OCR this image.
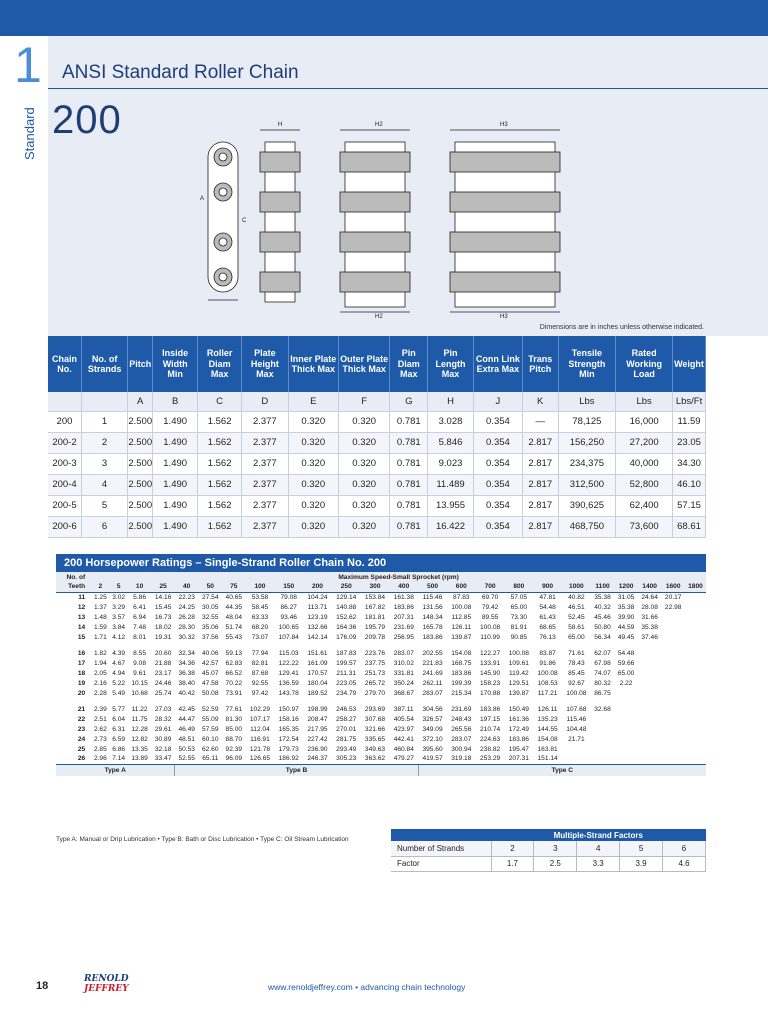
1
Standard
ANSI Standard Roller Chain
200	H	H2	H3
A
C
H3
H2
Dimensions are in inches unless otherwise indicated.
Chain No.	No. of Strands	Pitch	Inside Width Min	Roller Diam Max	Plate Height Max	Inner Plate Thick Max	Outer Plate Thick Max	Pin Diam Max	Pin Length Max	Conn Link Extra Max	Trans Pitch	Tensile Strength Min	Rated Working Load	Weight
		A	B	C	D	E	F	G	H	J	K	Lbs	Lbs	Lbs/Ft
200	1	2.500	1.490	1.562	2.377	0.320	0.320	0.781	3.028	0.354	—	78,125	16,000	11.59
200-2	2	2.500	1.490	1.562	2.377	0.320	0.320	0.781	5.846	0.354	2.817	156,250	27,200	23.05
200-3	3	2.500	1.490	1.562	2.377	0.320	0.320	0.781	9.023	0.354	2.817	234,375	40,000	34.30
200-4	4	2.500	1.490	1.562	2.377	0.320	0.320	0.781	11.489	0.354	2.817	312,500	52,800	46.10
200-5	5	2.500	1.490	1.562	2.377	0.320	0.320	0.781	13.955	0.354	2.817	390,625	62,400	57.15
200-6	6	2.500	1.490	1.562	2.377	0.320	0.320	0.781	16.422	0.354	2.817	468,750	73,600	68.61
200 Horsepower Ratings – Single-Strand Roller Chain No. 200
No. of	Maximum Speed-Small Sprocket (rpm)																							
Teeth	2	5	10	25	40	50	75	100	150	200	250	300	400	500	600	700	800	900	1000	1100	1200	1400	1600	1800
11	1.25	3.02	5.86	14.16	22.23	27.54	40.65	53.58	79.08	104.24	129.14	153.84	161.38	115.46	87.83	69.70	57.05	47.81	40.82	35.38	31.05	24.64	20.17	
12	1.37	3.29	6.41	15.45	24.25	30.05	44.35	58.45	86.27	113.71	140.88	167.82	183.86	131.56	100.08	79.42	65.00	54.48	46.51	40.32	35.38	28.08	22.98	
13	1.48	3.57	6.94	16.73	26.28	32.55	48.04	63.33	93.46	123.19	152.62	181.81	207.31	148.34	112.85	89.55	73.30	61.43	52.45	45.46	39.90	31.66		
14	1.59	3.84	7.48	18.02	28.30	35.06	51.74	68.20	100.65	132.66	164.36	195.79	231.69	165.78	126.11	100.08	81.91	68.65	58.61	50.80	44.59	35.38		
15	1.71	4.12	8.01	19.31	30.32	37.56	55.43	73.07	107.84	142.14	176.09	209.78	256.95	183.86	139.87	110.99	90.85	76.13	65.00	56.34	49.45	37.46		

16	1.82	4.39	8.55	20.60	32.34	40.06	59.13	77.94	115.03	151.61	187.83	223.76	283.07	202.55	154.08	122.27	100.08	83.87	71.61	62.07	54.48			
17	1.94	4.67	9.08	21.88	34.36	42.57	62.83	82.81	122.22	161.09	199.57	237.75	310.02	221.83	168.75	133.91	109.61	91.86	78.43	67.98	59.66			
18	2.05	4.94	9.61	23.17	36.38	45.07	66.52	87.68	129.41	170.57	211.31	251.73	331.81	241.69	183.86	145.90	119.42	100.08	85.45	74.07	65.00			
19	2.16	5.22	10.15	24.46	38.40	47.58	70.22	92.55	136.59	180.04	223.05	265.72	350.24	262.11	199.39	158.23	129.51	108.53	92.67	80.32	2.22			
20	2.28	5.49	10.68	25.74	40.42	50.08	73.91	97.42	143.78	189.52	234.79	279.70	368.67	283.07	215.34	170.88	139.87	117.21	100.08	86.75				

21	2.39	5.77	11.22	27.03	42.45	52.59	77.61	102.29	150.97	198.99	246.53	293.69	387.11	304.56	231.69	183.86	150.49	126.11	107.68	32.68				
22	2.51	6.04	11.75	28.32	44.47	55.09	81.30	107.17	158.16	208.47	258.27	307.68	405.54	326.57	248.43	197.15	161.36	135.23	115.46					
23	2.62	6.31	12.28	29.61	46.49	57.59	85.00	112.04	165.35	217.95	270.01	321.66	423.97	349.09	265.56	210.74	172.49	144.55	104.48					
24	2.73	6.59	12.82	30.89	48.51	60.10	88.70	116.91	172.54	227.42	281.75	335.65	442.41	372.10	283.07	224.63	183.86	154.08	21.71					
25	2.85	6.86	13.35	32.18	50.53	62.60	92.39	121.78	179.73	236.90	293.49	349.63	460.84	395.60	300.94	238.82	195.47	163.81						
26	2.96	7.14	13.89	33.47	52.55	65.11	96.09	126.65	186.92	246.37	305.23	363.62	479.27	419.57	319.18	253.29	207.31	151.14						
Type A					Type B									Type C										
Type A: Manual or Drip Lubrication • Type B: Bath or Disc Lubrication • Type C: Oil Stream Lubrication
		Multiple-Strand Factors				
Number of Strands	2	3	4	5	6
Factor	1.7	2.5	3.3	3.9	4.6
18
RENOLD
JEFFREY	www.renoldjeffrey.com • advancing chain technology
